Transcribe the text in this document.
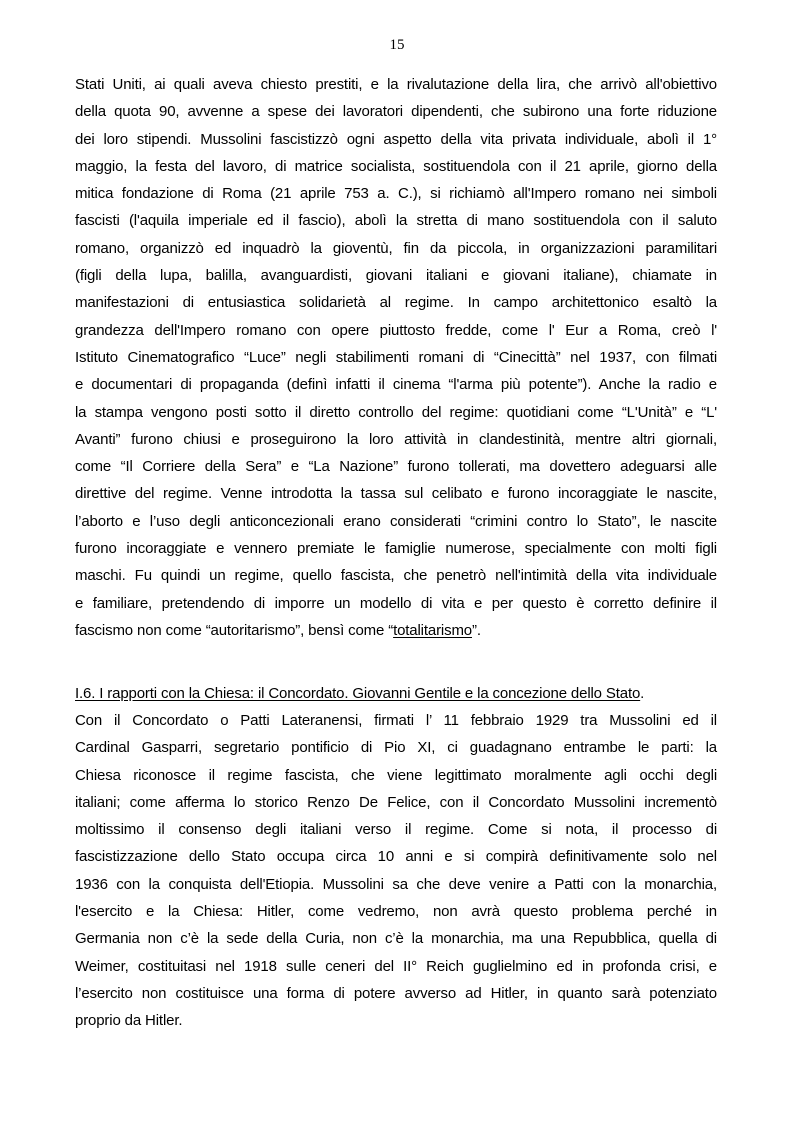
15
Stati Uniti, ai quali aveva chiesto prestiti, e la rivalutazione della lira, che arrivò all'obiettivo
della quota 90, avvenne a spese dei lavoratori dipendenti, che subirono una forte riduzione
dei loro stipendi. Mussolini fascistizzò ogni aspetto della vita privata individuale, abolì il 1°
maggio, la festa del lavoro, di matrice socialista, sostituendola con il 21 aprile, giorno della
mitica fondazione di Roma (21 aprile 753 a. C.), si richiamò all'Impero romano nei simboli
fascisti (l'aquila imperiale ed il fascio), abolì la stretta di mano sostituendola con il saluto
romano, organizzò ed inquadrò la gioventù, fin da piccola, in organizzazioni paramilitari
(figli della lupa, balilla, avanguardisti, giovani italiani e giovani italiane), chiamate in
manifestazioni di entusiastica solidarietà al regime. In campo architettonico esaltò la
grandezza dell'Impero romano con opere piuttosto fredde, come l' Eur a Roma, creò l'
Istituto Cinematografico “Luce” negli stabilimenti romani di “Cinecittà” nel 1937, con filmati
e documentari di propaganda (definì infatti il cinema “l'arma più potente”). Anche la radio e
la stampa vengono posti sotto il diretto controllo del regime: quotidiani come “L'Unità” e “L'
Avanti” furono chiusi e proseguirono la loro attività in clandestinità, mentre altri giornali,
come “Il Corriere della Sera” e “La Nazione” furono tollerati, ma dovettero adeguarsi alle
direttive del regime. Venne introdotta la tassa sul celibato e furono incoraggiate le nascite,
l’aborto e l’uso degli anticoncezionali erano considerati “crimini contro lo Stato”, le nascite
furono incoraggiate e vennero premiate le famiglie numerose, specialmente con molti figli
maschi. Fu quindi un regime, quello fascista, che penetrò nell'intimità della vita individuale
e familiare, pretendendo di imporre un modello di vita e per questo è corretto definire il
fascismo non come “autoritarismo”, bensì come “totalitarismo”.
I.6. I rapporti con la Chiesa: il Concordato. Giovanni Gentile e la concezione dello Stato.
Con il Concordato o Patti Lateranensi, firmati l’ 11 febbraio 1929 tra Mussolini ed il
Cardinal Gasparri, segretario pontificio di Pio XI, ci guadagnano entrambe le parti: la
Chiesa riconosce il regime fascista, che viene legittimato moralmente agli occhi degli
italiani; come afferma lo storico Renzo De Felice, con il Concordato Mussolini incrementò
moltissimo il consenso degli italiani verso il regime. Come si nota, il processo di
fascistizzazione dello Stato occupa circa 10 anni e si compirà definitivamente solo nel
1936 con la conquista dell'Etiopia. Mussolini sa che deve venire a Patti con la monarchia,
l'esercito e la Chiesa: Hitler, come vedremo, non avrà questo problema perché in
Germania non c’è la sede della Curia, non c’è la monarchia, ma una Repubblica, quella di
Weimer, costituitasi nel 1918 sulle ceneri del II° Reich guglielmino ed in profonda crisi, e
l’esercito non costituisce una forma di potere avverso ad Hitler, in quanto sarà potenziato
proprio da Hitler.
